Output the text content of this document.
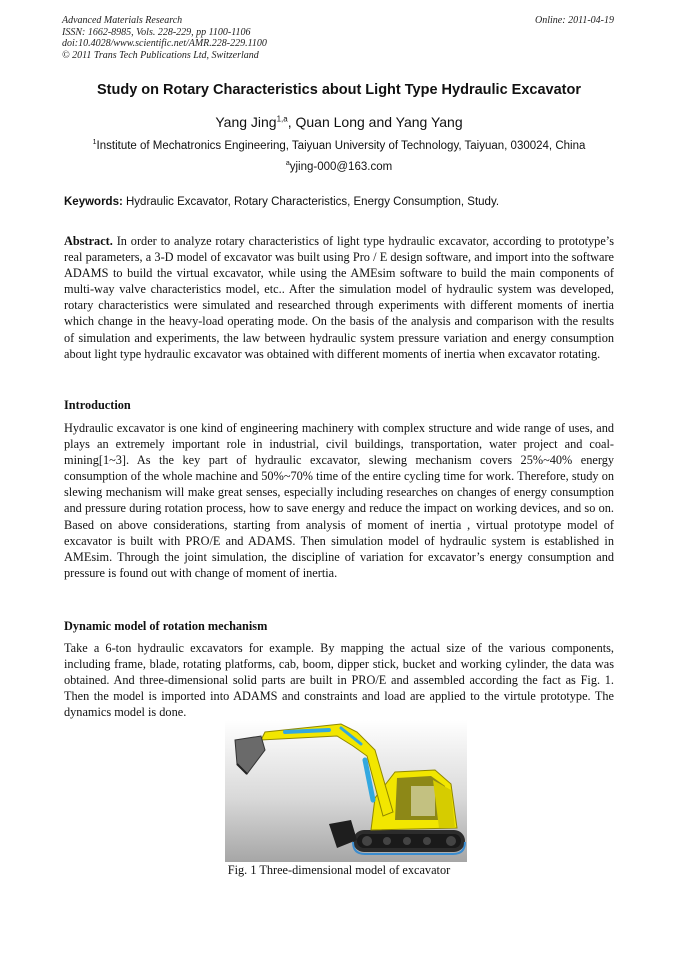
Advanced Materials Research
ISSN: 1662-8985, Vols. 228-229, pp 1100-1106
doi:10.4028/www.scientific.net/AMR.228-229.1100
© 2011 Trans Tech Publications Ltd, Switzerland
Online: 2011-04-19
Study on Rotary Characteristics about Light Type Hydraulic Excavator
Yang Jing$^{1,a}$, Quan Long and Yang Yang
$^1$Institute of Mechatronics Engineering, Taiyuan University of Technology, Taiyuan, 030024, China
$^a$yjing-000@163.com
Keywords: Hydraulic Excavator, Rotary Characteristics, Energy Consumption, Study.

Abstract. In order to analyze rotary characteristics of light type hydraulic excavator, according to prototype’s real parameters, a 3-D model of excavator was built using Pro / E design software, and import into the software ADAMS to build the virtual excavator, while using the AMEsim software to build the main components of multi-way valve characteristics model, etc.. After the simulation model of hydraulic system was developed, rotary characteristics were simulated and researched through experiments with different moments of inertia which change in the heavy-load operating mode. On the basis of the analysis and comparison with the results of simulation and experiments, the law between hydraulic system pressure variation and energy consumption about light type hydraulic excavator was obtained with different moments of inertia when excavator rotating.

Introduction

Hydraulic excavator is one kind of engineering machinery with complex structure and wide range of uses, and plays an extremely important role in industrial, civil buildings, transportation, water project and coal-mining[1~3]. As the key part of hydraulic excavator, slewing mechanism covers 25%~40% energy consumption of the whole machine and 50%~70% time of the entire cycling time for work. Therefore, study on slewing mechanism will make great senses, especially including researches on changes of energy consumption and pressure during rotation process, how to save energy and reduce the impact on working devices, and so on. Based on above considerations, starting from analysis of moment of inertia , virtual prototype model of excavator is built with PRO/E and ADAMS. Then simulation model of hydraulic system is established in AMEsim. Through the joint simulation, the discipline of variation for excavator’s energy consumption and pressure is found out with change of moment of inertia.

Dynamic model of rotation mechanism

Take a 6-ton hydraulic excavators for example. By mapping the actual size of the various components, including frame, blade, rotating platforms, cab, boom, dipper stick, bucket and working cylinder, the data was obtained. And three-dimensional solid parts are built in PRO/E and assembled according the fact as Fig. 1. Then the model is imported into ADAMS and constraints and load are applied to the virtule prototype. The dynamics model is done.

Fig. 1 Three-dimensional model of excavator
